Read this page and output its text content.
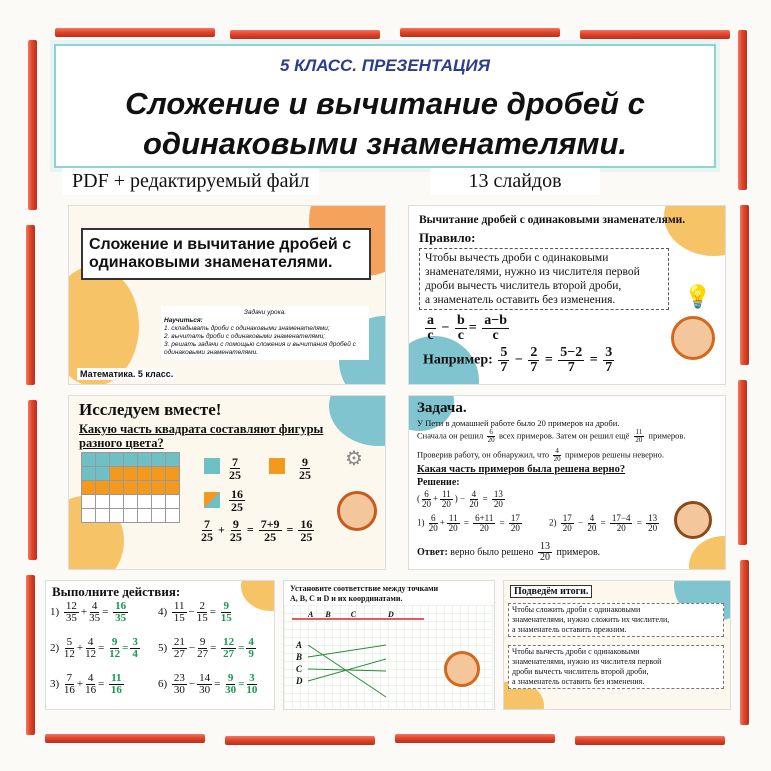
5 КЛАСС. ПРЕЗЕНТАЦИЯ
Сложение и вычитание дробей с
одинаковыми знаменателями.
PDF + редактируемый файл	13 слайдов
Сложение и вычитание дробей с одинаковыми знаменателями.
Задачи урока.
Научиться:
1. складывать дроби с одинаковыми знаменателями;
2. вычитать дроби с одинаковыми знаменателями;
3. решать задачи с помощью сложения и вычитания дробей с одинаковыми знаменателями.
Математика. 5 класс.
Вычитание дробей с одинаковыми знаменателями.
Правило:
Чтобы вычесть дроби с одинаковыми
знаменателями, нужно из числителя первой
дроби вычесть числитель второй дроби,
а знаменатель оставить без изменения.
$\frac{a}{c} - \frac{b}{c} = \frac{a-b}{c}$
Например: $\frac{5}{7} - \frac{2}{7} = \frac{5-2}{7} = \frac{3}{7}$
💡
Исследуем вместе!
Какую часть квадрата составляют фигуры
разного цвета?
$\frac{7}{25}$	$\frac{9}{25}$
$\frac{16}{25}$
$\frac{7}{25} + \frac{9}{25} = \frac{7+9}{25} = \frac{16}{25}$
⚙
Задача.
У Пети в домашней работе было 20 примеров на дроби.
Сначала он решил $\frac{6}{20}$ всех примеров. Затем он решил ещё $\frac{11}{20}$ примеров.
Проверив работу, он обнаружил, что $\frac{4}{20}$ примеров решены неверно.
Какая часть примеров была решена верно?
Решение:
( $\frac{6}{20} + \frac{11}{20}$ ) − $\frac{4}{20} = \frac{13}{20}$
$1) \frac{6}{20} + \frac{11}{20} = \frac{6+11}{20} = \frac{17}{20}$	$2) \frac{17}{20} - \frac{4}{20} = \frac{17-4}{20} = \frac{13}{20}$
Ответ: верно было решено $\frac{13}{20}$ примеров.
Выполните действия:
$1) \frac{12}{35} + \frac{4}{35} = \frac{16}{35}$
$2) \frac{5}{12} + \frac{4}{12} = \frac{9}{12} = \frac{3}{4}$
$3) \frac{7}{16} + \frac{4}{16} = \frac{11}{16}$
$4) \frac{11}{15} - \frac{2}{15} = \frac{9}{15}$
$5) \frac{21}{27} - \frac{9}{27} = \frac{12}{27} = \frac{4}{9}$
$6) \frac{23}{30} - \frac{14}{30} = \frac{9}{30} = \frac{3}{10}$
Установите соответствие между точками
A, B, C и D и их координатами.
A B	C	D
A
B
C
D
Подведём итоги.
Чтобы сложить дроби с одинаковыми
знаменателями, нужно сложить их числители,
а знаменатель оставить прежним.
Чтобы вычесть дроби с одинаковыми
знаменателями, нужно из числителя первой
дроби вычесть числитель второй дроби,
а знаменатель оставить без изменения.
